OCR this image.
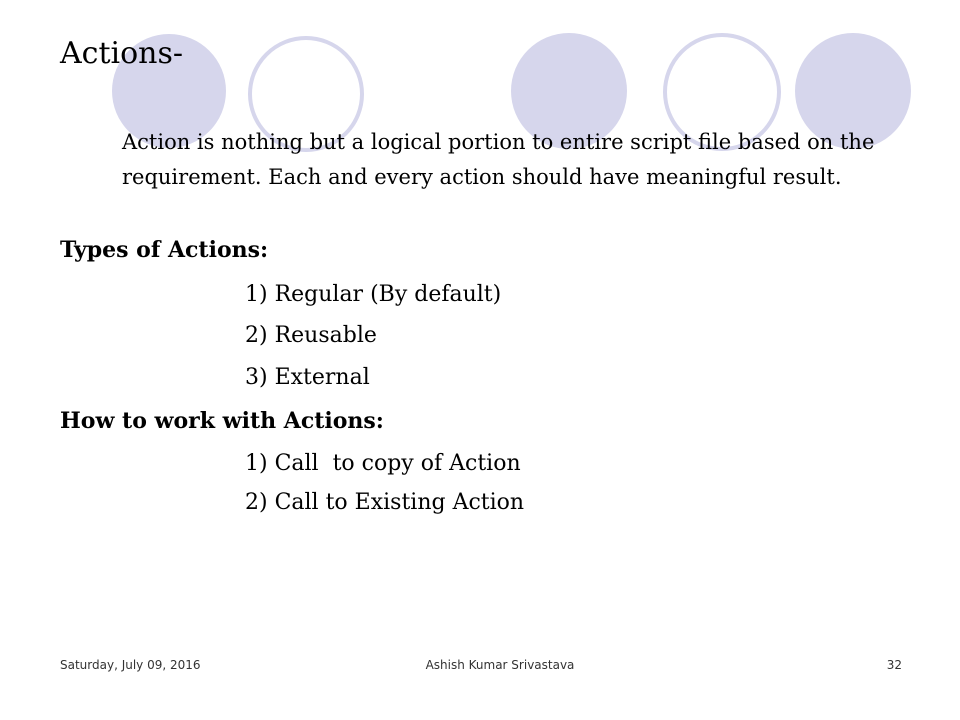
Actions-
Action is nothing but a logical portion to entire script file based on the requirement. Each and every action should have meaningful result.
Types of Actions:
1) Regular (By default)
2) Reusable
3) External
How to work with Actions:
1) Call  to copy of Action
2) Call to Existing Action
Saturday, July 09, 2016	Ashish Kumar Srivastava	32
